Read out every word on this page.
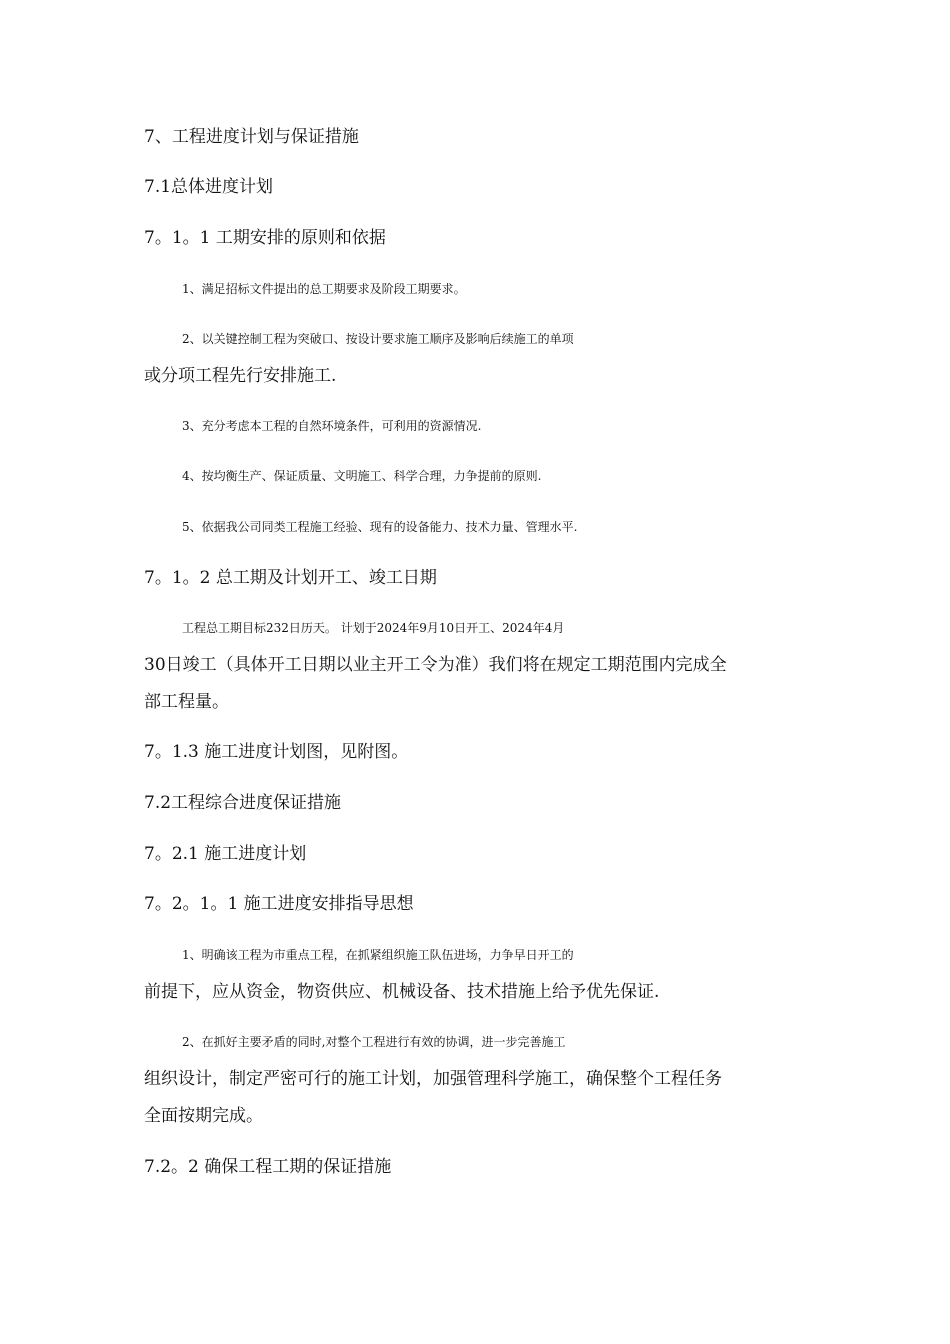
7、工程进度计划与保证措施

7.1总体进度计划

7。1。1 工期安排的原则和依据

1、满足招标文件提出的总工期要求及阶段工期要求。

2、以关键控制工程为突破口、按设计要求施工顺序及影响后续施工的单项

或分项工程先行安排施工.

3、充分考虑本工程的自然环境条件，可利用的资源情况.

4、按均衡生产、保证质量、文明施工、科学合理，力争提前的原则.

5、依据我公司同类工程施工经验、现有的设备能力、技术力量、管理水平.

7。1。2 总工期及计划开工、竣工日期

工程总工期目标232日历天。 计划于2024年9月10日开工、2024年4月

30日竣工（具体开工日期以业主开工令为准）我们将在规定工期范围内完成全

部工程量。

7。1.3 施工进度计划图，见附图。

7.2工程综合进度保证措施

7。2.1 施工进度计划

7。2。1。1 施工进度安排指导思想

1、明确该工程为市重点工程，在抓紧组织施工队伍进场，力争早日开工的

前提下，应从资金，物资供应、机械设备、技术措施上给予优先保证.

2、在抓好主要矛盾的同时,对整个工程进行有效的协调，进一步完善施工

组织设计，制定严密可行的施工计划，加强管理科学施工，确保整个工程任务

全面按期完成。

7.2。2 确保工程工期的保证措施
